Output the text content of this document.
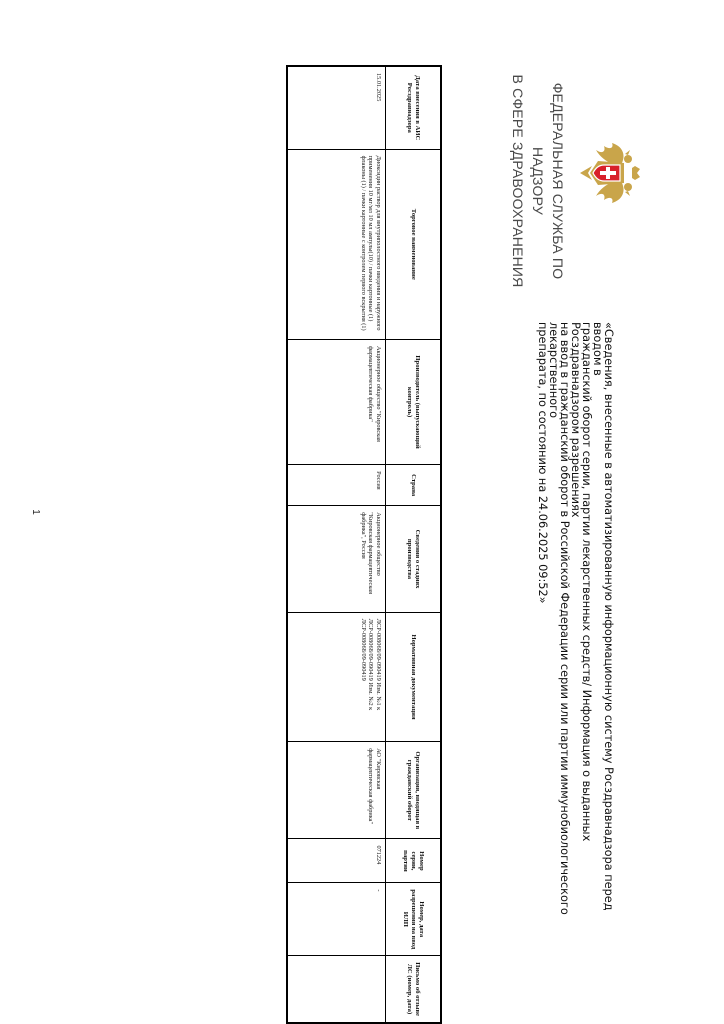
ФЕДЕРАЛЬНАЯ СЛУЖБА ПО НАДЗОРУ
В СФЕРЕ ЗДРАВООХРАНЕНИЯ
«Сведения, внесенные в автоматизированную информационную систему Росздравнадзора перед вводом в
гражданский оборот серии, партии лекарственных средств/ Информация о выданных Росздравнадзором разрешениях
на ввод в гражданский оборот в Российской Федерации серии или партии иммунобиологического лекарственного
препарата, по состоянию на 24.06.2025 09:52»
Дата внесения в АИС Росздравнадзора	Торговое наименование	Производитель (выпускающий контроль)	Страна	Сведения о стадиях производства	Нормативная документация	Организация, вводящая в гражданский оборот	Номер серии, партии	Номер, дата разрешения на ввод ИЛП	Письмо об отзыве ЛС (номер, дата)
15.01.2025	Диоксидин раствор для внутриполостного введения и наружного применения 10 мг/мл 10 мл ампулы(10) / пачки картонные (1) флаконы (1) / пачки картонные с контролем первого вскрытия (1)	Акционерное общество "Кировская фармацевтическая фабрика"	Россия	Акционерное общество "Кировская фармацевтическая фабрика", Россия	ЛСР-008068/09-090419 Изм. №1 к ЛСР-008068/09-090419 Изм. №2 к ЛСР-008068/09-090419	АО "Кировская фармацевтическая фабрика"	071224	-	
1
